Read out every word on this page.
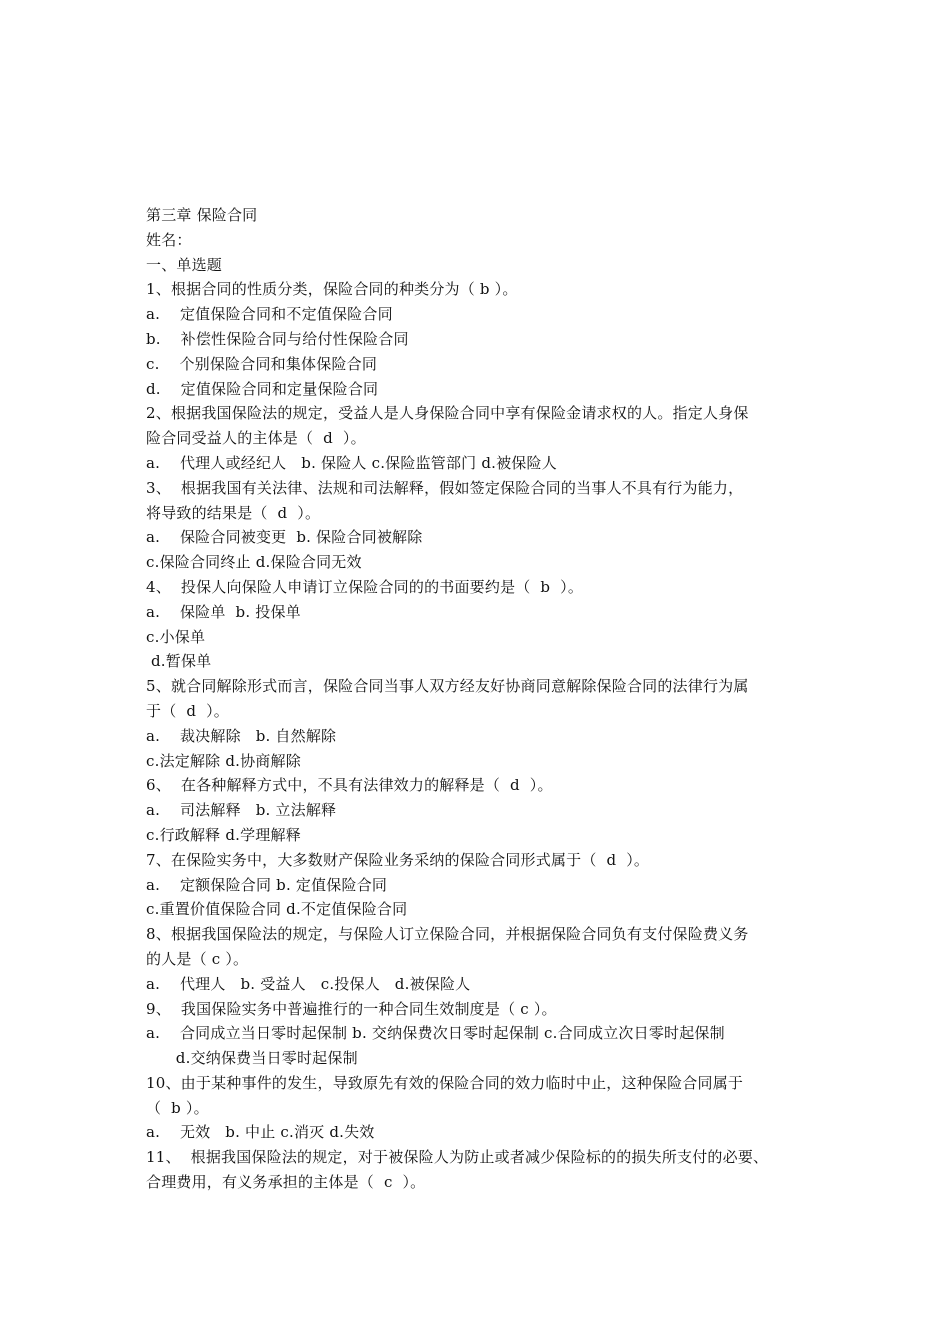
第三章 保险合同
姓名：
一、单选题
1、根据合同的性质分类，保险合同的种类分为（ b ）。
a.    定值保险合同和不定值保险合同
b.    补偿性保险合同与给付性保险合同
c.    个别保险合同和集体保险合同
d.    定值保险合同和定量保险合同
2、根据我国保险法的规定，受益人是人身保险合同中享有保险金请求权的人。指定人身保
险合同受益人的主体是（  d  ）。
a.    代理人或经纪人   b. 保险人 c.保险监管部门 d.被保险人
3、  根据我国有关法律、法规和司法解释，假如签定保险合同的当事人不具有行为能力，
将导致的结果是（  d  ）。
a.    保险合同被变更  b. 保险合同被解除
c.保险合同终止 d.保险合同无效
4、  投保人向保险人申请订立保险合同的的书面要约是（  b  ）。
a.    保险单  b. 投保单
c.小保单
d.暂保单
5、就合同解除形式而言，保险合同当事人双方经友好协商同意解除保险合同的法律行为属
于（  d  ）。
a.    裁决解除   b. 自然解除
c.法定解除 d.协商解除
6、  在各种解释方式中，不具有法律效力的解释是（  d  ）。
a.    司法解释   b. 立法解释
c.行政解释 d.学理解释
7、在保险实务中，大多数财产保险业务采纳的保险合同形式属于（  d  ）。
a.    定额保险合同 b. 定值保险合同
c.重置价值保险合同 d.不定值保险合同
8、根据我国保险法的规定，与保险人订立保险合同，并根据保险合同负有支付保险费义务
的人是（ c ）。
a.    代理人   b. 受益人   c.投保人   d.被保险人
9、  我国保险实务中普遍推行的一种合同生效制度是（ c ）。
a.    合同成立当日零时起保制 b. 交纳保费次日零时起保制 c.合同成立次日零时起保制
d.交纳保费当日零时起保制
10、由于某种事件的发生，导致原先有效的保险合同的效力临时中止，这种保险合同属于
（  b ）。
a.    无效   b. 中止 c.消灭 d.失效
11、  根据我国保险法的规定，对于被保险人为防止或者减少保险标的的损失所支付的必要、
合理费用，有义务承担的主体是（  c  ）。
